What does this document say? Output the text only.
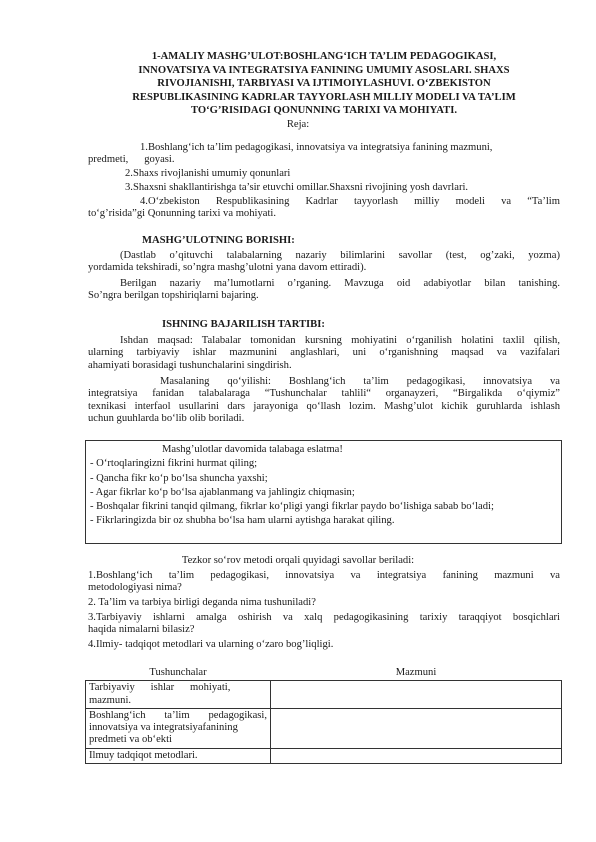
1-AMALIY MASHG’ULOT:BOSHLANG‘ICH TA’LIM PEDAGOGIKASI,
INNOVATSIYA VA INTEGRATSIYA FANINING UMUMIY ASOSLARI. SHAXS
RIVOJIANISHI, TARBIYASI VA IJTIMOIYLASHUVI. O‘ZBEKISTON
RESPUBLIKASINING KADRLAR TAYYORLASH MILLIY MODELI VA TA’LIM
TO‘G’RISIDAGI QONUNNING TARIXI VA MOHIYATI.
Reja:
1.Boshlang‘ich ta’lim pedagogikasi, innovatsiya va integratsiya fanining mazmuni,
predmeti,      goyasi.
2.Shaxs rivojlanishi umumiy qonunlari
3.Shaxsni shakllantirishga ta’sir etuvchi omillar.Shaxsni rivojining yosh davrlari.
4.O‘zbekiston Respublikasining Kadrlar tayyorlash milliy modeli va “Ta’lim
to‘g’risida”gi Qonunning tarixi va mohiyati.
MASHG’ULOTNING BORISHI:
(Dastlab o’qituvchi talabalarning nazariy bilimlarini savollar (test, og’zaki, yozma)
yordamida tekshiradi, so’ngra mashg’ulotni yana davom ettiradi).
Berilgan nazariy ma’lumotlarni o’rganing. Mavzuga oid adabiyotlar bilan tanishing.
So’ngra berilgan topshiriqlarni bajaring.
ISHNING BAJARILISH TARTIBI:
Ishdan maqsad: Talabalar tomonidan kursning mohiyatini o‘rganilish holatini taxlil qilish,
ularning tarbiyaviy ishlar mazmunini anglashlari, uni o‘rganishning maqsad va vazifalari
ahamiyati borasidagi tushunchalarini singdirish.
Masalaning qo‘yilishi: Boshlang‘ich ta’lim pedagogikasi, innovatsiya va
integratsiya fanidan talabalaraga “Tushunchalar tahlili“ organayzeri, “Birgalikda o‘qiymiz”
texnikasi interfaol usullarini dars jarayoniga qo‘llash lozim. Mashg’ulot kichik guruhlarda ishlash
uchun guuhlarda bo‘lib olib boriladi.
Mashg’ulotlar davomida talabaga eslatma!
- O‘rtoqlaringizni fikrini hurmat qiling;
- Qancha fikr ko‘p bo‘lsa shuncha yaxshi;
- Agar fikrlar ko‘p bo‘lsa ajablanmang va jahlingiz chiqmasin;
- Boshqalar fikrini tanqid qilmang, fikrlar ko‘pligi yangi fikrlar paydo bo‘lishiga sabab bo‘ladi;
- Fikrlaringizda bir oz shubha bo‘lsa ham ularni aytishga harakat qiling.
Tezkor so‘rov metodi orqali quyidagi savollar beriladi:
1.Boshlang‘ich ta’lim pedagogikasi, innovatsiya va integratsiya fanining mazmuni va
metodologiyasi nima?
2. Ta’lim va tarbiya birligi deganda nima tushuniladi?
3.Tarbiyaviy ishlarni amalga oshirish va xalq pedagogikasining tarixiy taraqqiyot bosqichlari
haqida nimalarni bilasiz?
4.Ilmiy- tadqiqot metodlari va ularning o‘zaro bog’liqligi.
Tushunchalar	Mazmuni

Tarbiyaviy      ishlar      mohiyati,
mazmuni.	

Boshlang‘ich ta’lim pedagogikasi,
innovatsiya va integratsiyafanining
predmeti va ob‘ekti	

Ilmuy tadqiqot metodlari.	
